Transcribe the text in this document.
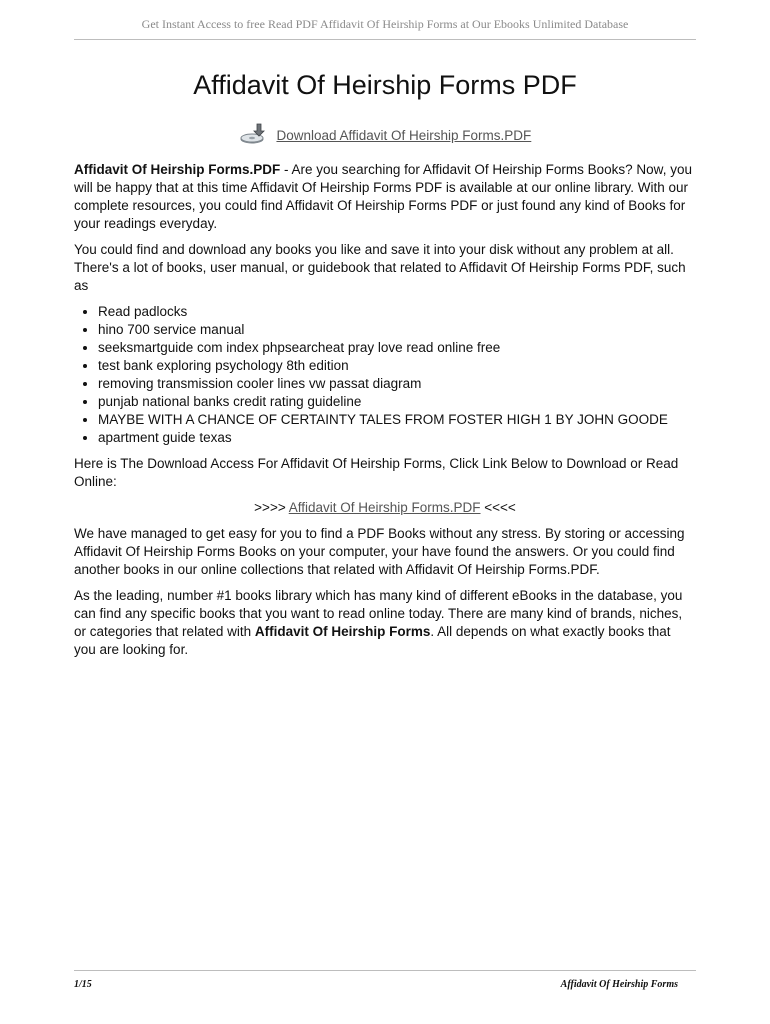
Get Instant Access to free Read PDF Affidavit Of Heirship Forms at Our Ebooks Unlimited Database
Affidavit Of Heirship Forms PDF
Download Affidavit Of Heirship Forms.PDF

Affidavit Of Heirship Forms.PDF - Are you searching for Affidavit Of Heirship Forms Books? Now, you will be happy that at this time Affidavit Of Heirship Forms PDF is available at our online library. With our complete resources, you could find Affidavit Of Heirship Forms PDF or just found any kind of Books for your readings everyday.

You could find and download any books you like and save it into your disk without any problem at all. There's a lot of books, user manual, or guidebook that related to Affidavit Of Heirship Forms PDF, such as

• Read padlocks
• hino 700 service manual
• seeksmartguide com index phpsearcheat pray love read online free
• test bank exploring psychology 8th edition
• removing transmission cooler lines vw passat diagram
• punjab national banks credit rating guideline
• MAYBE WITH A CHANCE OF CERTAINTY TALES FROM FOSTER HIGH 1 BY JOHN GOODE
• apartment guide texas

Here is The Download Access For Affidavit Of Heirship Forms, Click Link Below to Download or Read Online:

>>>> Affidavit Of Heirship Forms.PDF <<<<

We have managed to get easy for you to find a PDF Books without any stress. By storing or accessing Affidavit Of Heirship Forms Books on your computer, your have found the answers. Or you could find another books in our online collections that related with Affidavit Of Heirship Forms.PDF.

As the leading, number #1 books library which has many kind of different eBooks in the database, you can find any specific books that you want to read online today. There are many kind of brands, niches, or categories that related with Affidavit Of Heirship Forms. All depends on what exactly books that you are looking for.

1/15	Affidavit Of Heirship Forms
